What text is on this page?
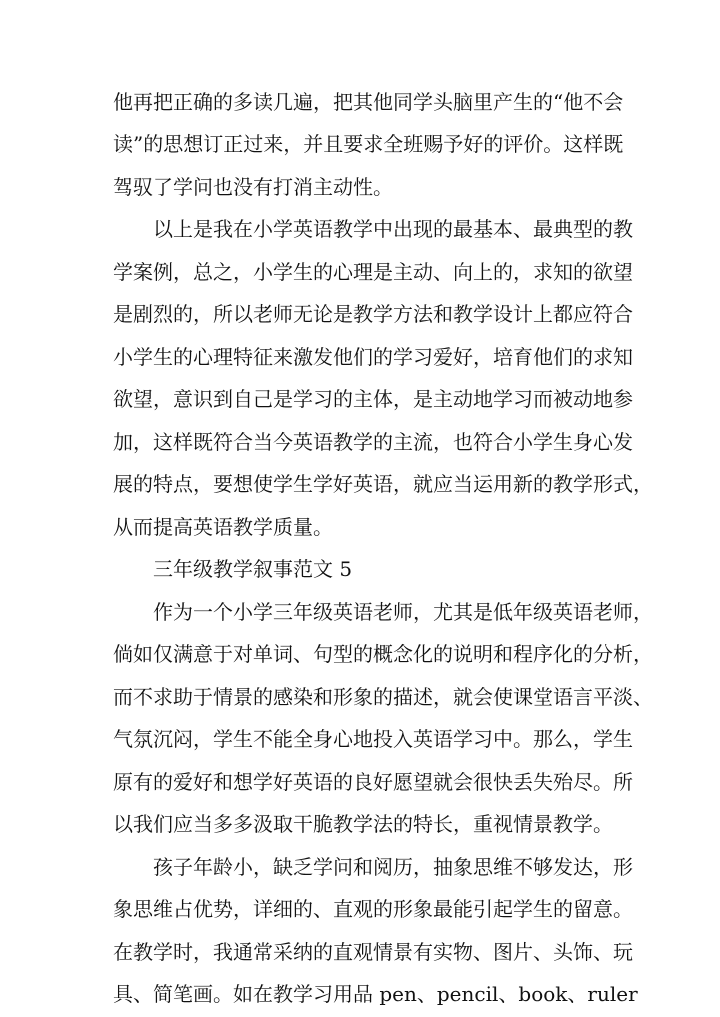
他再把正确的多读几遍，把其他同学头脑里产生的“他不会
读”的思想订正过来，并且要求全班赐予好的评价。这样既
驾驭了学问也没有打消主动性。
以上是我在小学英语教学中出现的最基本、最典型的教
学案例，总之，小学生的心理是主动、向上的，求知的欲望
是剧烈的，所以老师无论是教学方法和教学设计上都应符合
小学生的心理特征来激发他们的学习爱好，培育他们的求知
欲望，意识到自己是学习的主体，是主动地学习而被动地参
加，这样既符合当今英语教学的主流，也符合小学生身心发
展的特点，要想使学生学好英语，就应当运用新的教学形式，
从而提高英语教学质量。
三年级教学叙事范文 5
作为一个小学三年级英语老师，尤其是低年级英语老师，
倘如仅满意于对单词、句型的概念化的说明和程序化的分析，
而不求助于情景的感染和形象的描述，就会使课堂语言平淡、
气氛沉闷，学生不能全身心地投入英语学习中。那么，学生
原有的爱好和想学好英语的良好愿望就会很快丢失殆尽。所
以我们应当多多汲取干脆教学法的特长，重视情景教学。
孩子年龄小，缺乏学问和阅历，抽象思维不够发达，形
象思维占优势，详细的、直观的形象最能引起学生的留意。
在教学时，我通常采纳的直观情景有实物、图片、头饰、玩
具、简笔画。如在教学习用品 pen、pencil、book、ruler
